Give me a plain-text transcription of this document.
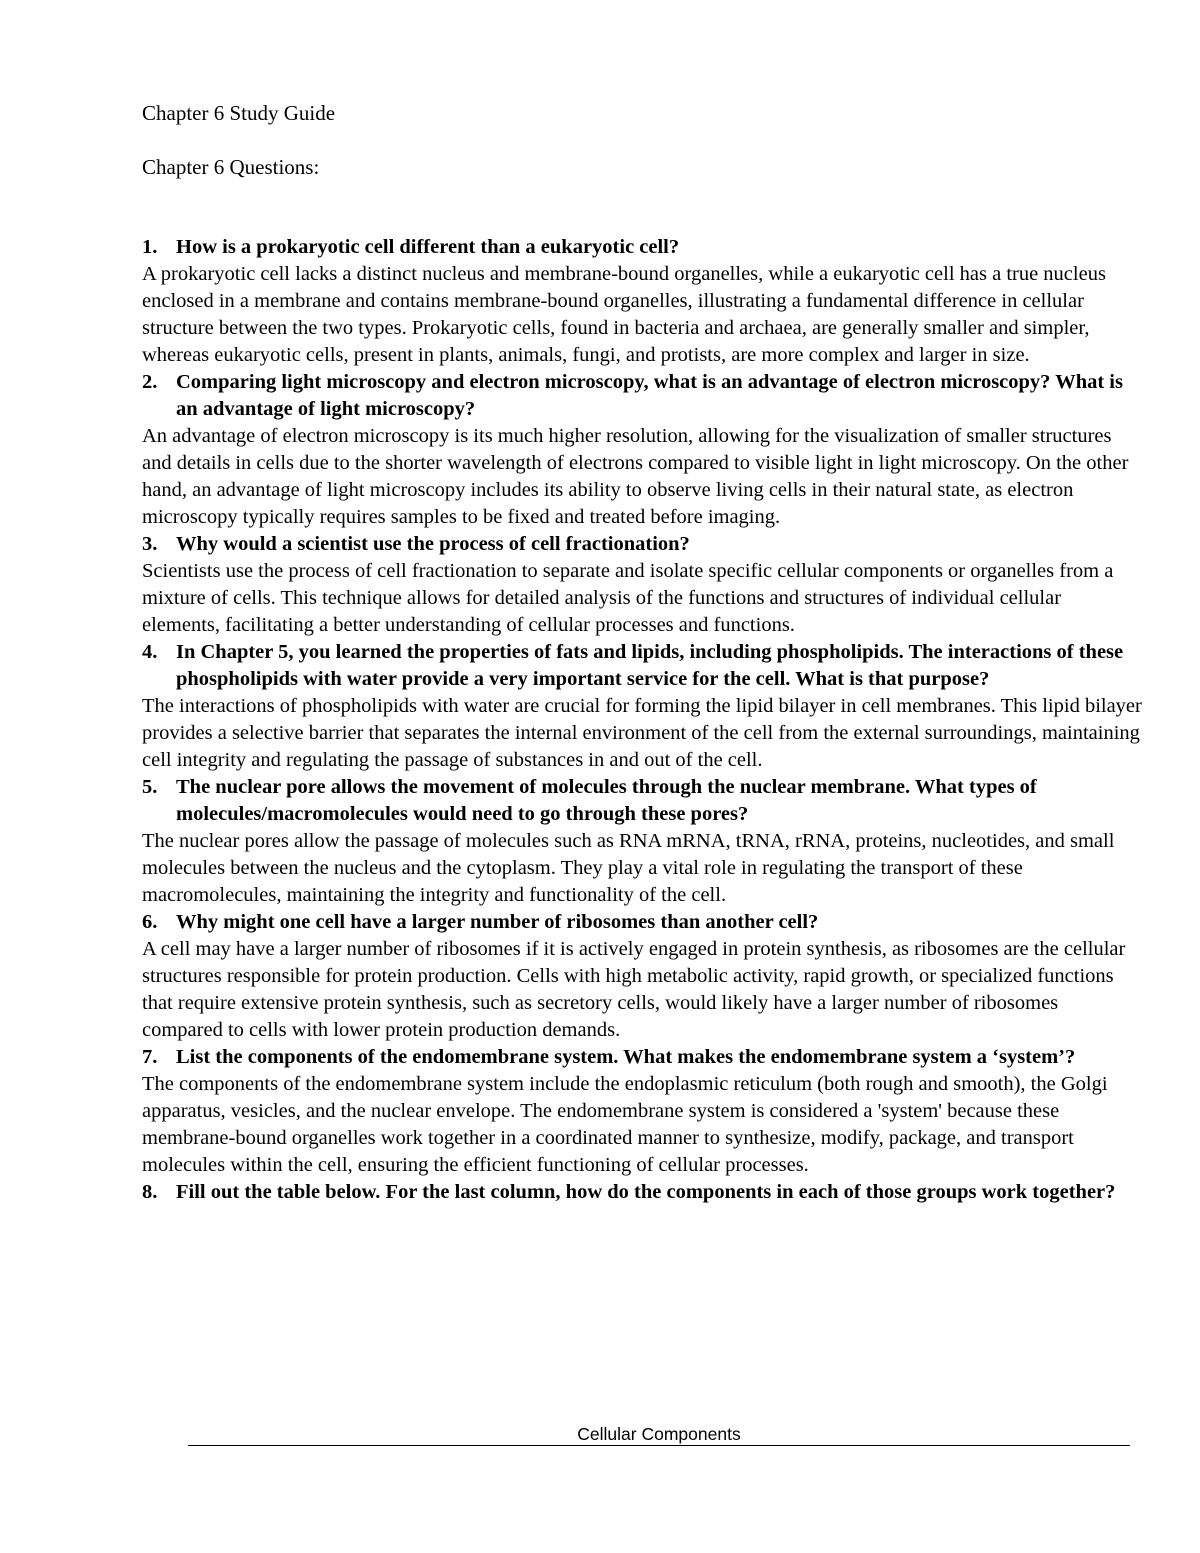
Chapter 6 Study Guide
Chapter 6 Questions:

1. How is a prokaryotic cell different than a eukaryotic cell?

A prokaryotic cell lacks a distinct nucleus and membrane-bound organelles, while a eukaryotic cell has a true nucleus enclosed in a membrane and contains membrane-bound organelles, illustrating a fundamental difference in cellular structure between the two types. Prokaryotic cells, found in bacteria and archaea, are generally smaller and simpler, whereas eukaryotic cells, present in plants, animals, fungi, and protists, are more complex and larger in size.

2. Comparing light microscopy and electron microscopy, what is an advantage of electron microscopy? What is an advantage of light microscopy?

An advantage of electron microscopy is its much higher resolution, allowing for the visualization of smaller structures and details in cells due to the shorter wavelength of electrons compared to visible light in light microscopy. On the other hand, an advantage of light microscopy includes its ability to observe living cells in their natural state, as electron microscopy typically requires samples to be fixed and treated before imaging.

3. Why would a scientist use the process of cell fractionation?

Scientists use the process of cell fractionation to separate and isolate specific cellular components or organelles from a mixture of cells. This technique allows for detailed analysis of the functions and structures of individual cellular elements, facilitating a better understanding of cellular processes and functions.

4. In Chapter 5, you learned the properties of fats and lipids, including phospholipids. The interactions of these phospholipids with water provide a very important service for the cell. What is that purpose?

The interactions of phospholipids with water are crucial for forming the lipid bilayer in cell membranes. This lipid bilayer provides a selective barrier that separates the internal environment of the cell from the external surroundings, maintaining cell integrity and regulating the passage of substances in and out of the cell.

5. The nuclear pore allows the movement of molecules through the nuclear membrane. What types of molecules/macromolecules would need to go through these pores?

The nuclear pores allow the passage of molecules such as RNA mRNA, tRNA, rRNA, proteins, nucleotides, and small molecules between the nucleus and the cytoplasm. They play a vital role in regulating the transport of these macromolecules, maintaining the integrity and functionality of the cell.

6. Why might one cell have a larger number of ribosomes than another cell?

A cell may have a larger number of ribosomes if it is actively engaged in protein synthesis, as ribosomes are the cellular structures responsible for protein production. Cells with high metabolic activity, rapid growth, or specialized functions that require extensive protein synthesis, such as secretory cells, would likely have a larger number of ribosomes compared to cells with lower protein production demands.

7. List the components of the endomembrane system. What makes the endomembrane system a ‘system’?

The components of the endomembrane system include the endoplasmic reticulum (both rough and smooth), the Golgi apparatus, vesicles, and the nuclear envelope. The endomembrane system is considered a 'system' because these membrane-bound organelles work together in a coordinated manner to synthesize, modify, package, and transport molecules within the cell, ensuring the efficient functioning of cellular processes.

8. Fill out the table below. For the last column, how do the components in each of those groups work together?

Cellular Components
